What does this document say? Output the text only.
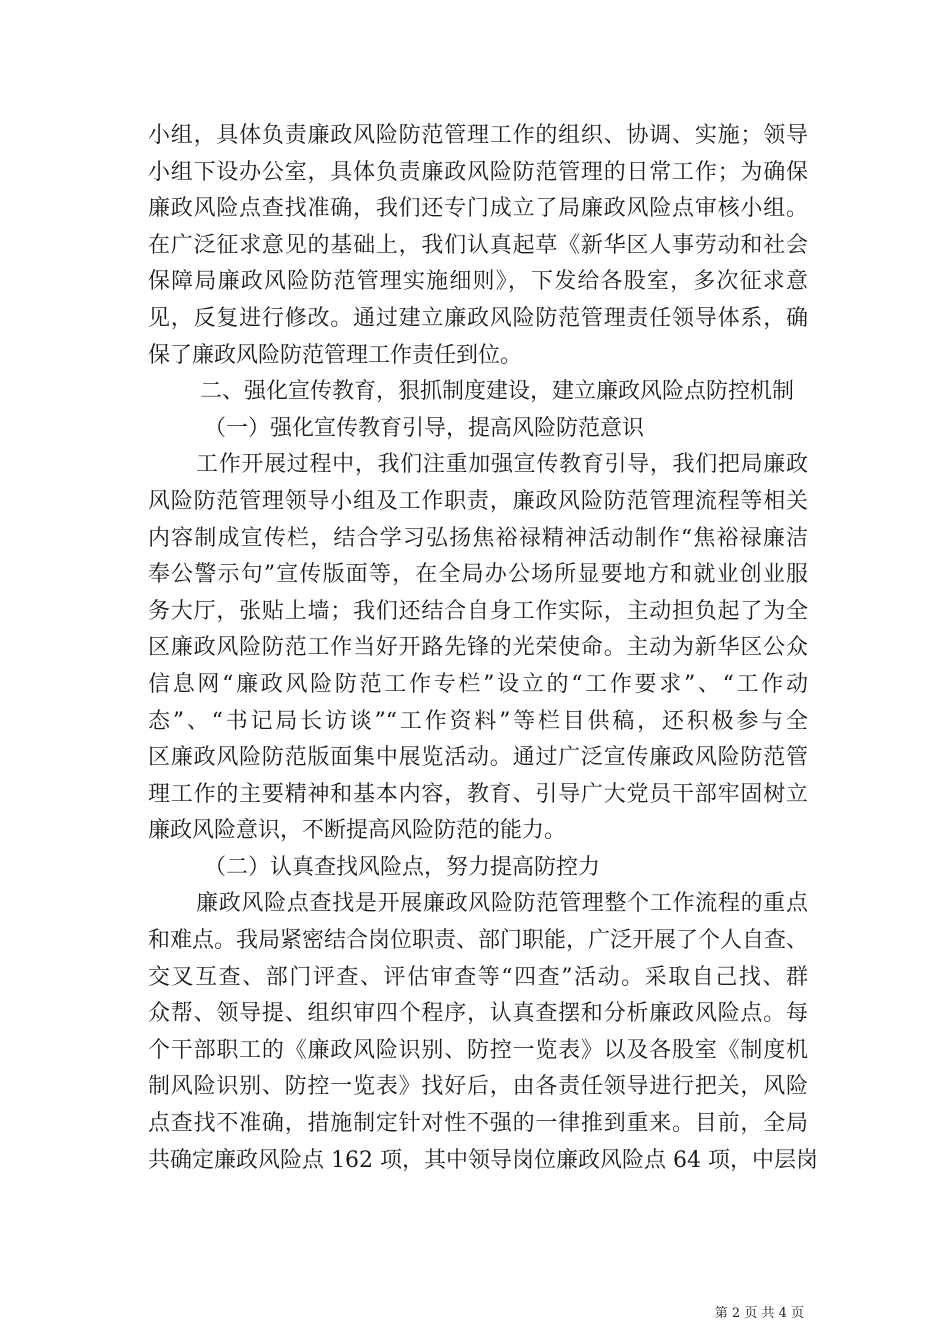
小组，具体负责廉政风险防范管理工作的组织、协调、实施；领导
小组下设办公室，具体负责廉政风险防范管理的日常工作；为确保
廉政风险点查找准确，我们还专门成立了局廉政风险点审核小组。
在广泛征求意见的基础上，我们认真起草《新华区人事劳动和社会
保障局廉政风险防范管理实施细则》，下发给各股室，多次征求意
见，反复进行修改。通过建立廉政风险防范管理责任领导体系，确
保了廉政风险防范管理工作责任到位。
二、强化宣传教育，狠抓制度建设，建立廉政风险点防控机制
（一）强化宣传教育引导，提高风险防范意识
工作开展过程中，我们注重加强宣传教育引导，我们把局廉政
风险防范管理领导小组及工作职责，廉政风险防范管理流程等相关
内容制成宣传栏，结合学习弘扬焦裕禄精神活动制作“焦裕禄廉洁
奉公警示句”宣传版面等，在全局办公场所显要地方和就业创业服
务大厅，张贴上墙；我们还结合自身工作实际，主动担负起了为全
区廉政风险防范工作当好开路先锋的光荣使命。主动为新华区公众
信息网“廉政风险防范工作专栏”设立的“工作要求”、“工作动
态”、“书记局长访谈”“工作资料”等栏目供稿，还积极参与全
区廉政风险防范版面集中展览活动。通过广泛宣传廉政风险防范管
理工作的主要精神和基本内容，教育、引导广大党员干部牢固树立
廉政风险意识，不断提高风险防范的能力。
（二）认真查找风险点，努力提高防控力
廉政风险点查找是开展廉政风险防范管理整个工作流程的重点
和难点。我局紧密结合岗位职责、部门职能，广泛开展了个人自查、
交叉互查、部门评查、评估审查等“四查”活动。采取自己找、群
众帮、领导提、组织审四个程序，认真查摆和分析廉政风险点。每
个干部职工的《廉政风险识别、防控一览表》以及各股室《制度机
制风险识别、防控一览表》找好后，由各责任领导进行把关，风险
点查找不准确，措施制定针对性不强的一律推到重来。目前，全局
共确定廉政风险点 162 项，其中领导岗位廉政风险点 64 项，中层岗
第 2 页 共 4 页
